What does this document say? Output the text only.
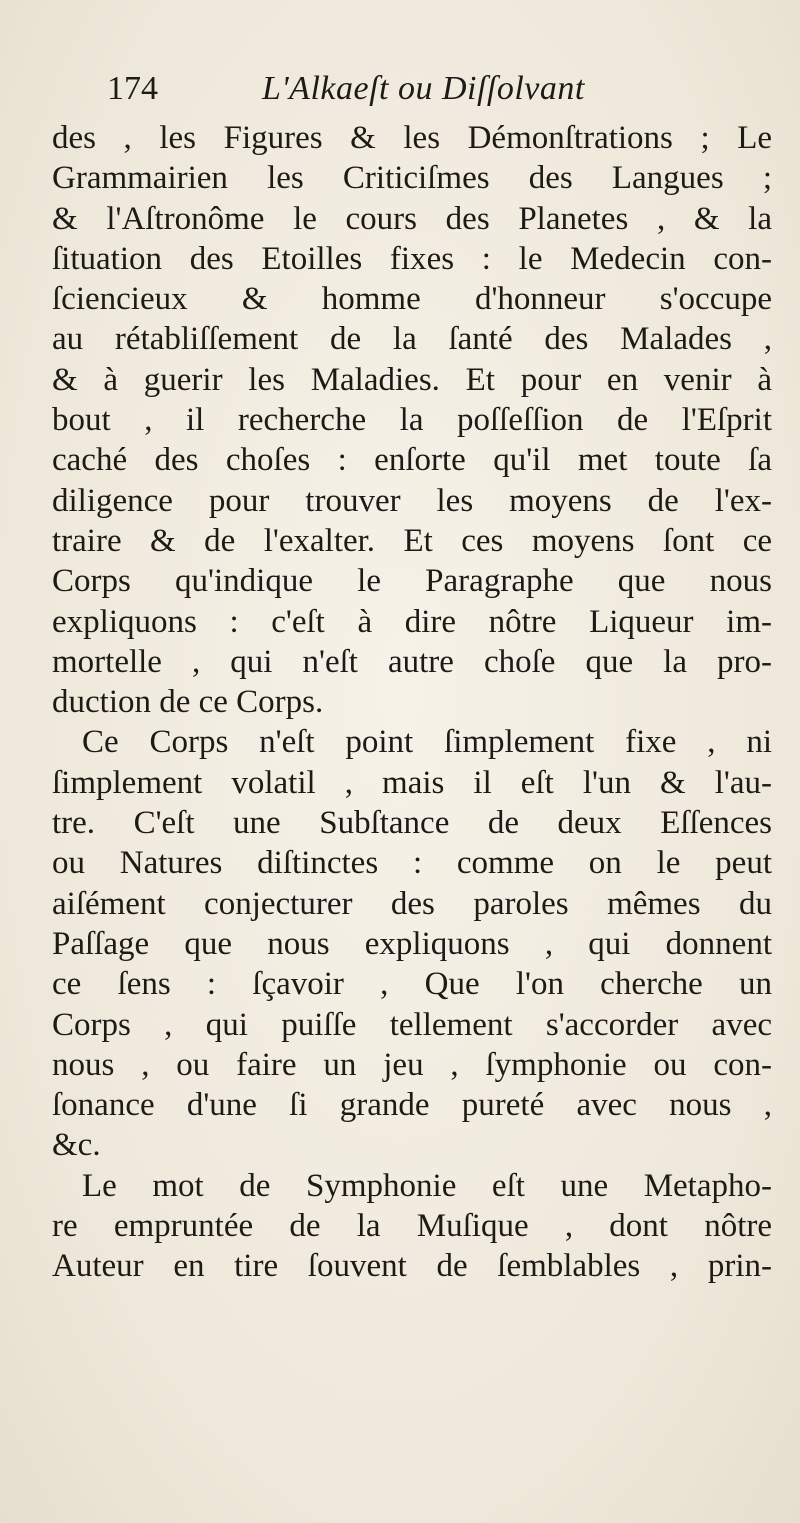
174	L'Alkaeſt ou Diſſolvant
des , les Figures & les Démonſtrations ; Le
Grammairien les Criticiſmes des Langues ;
& l'Aſtronôme le cours des Planetes , & la
ſituation des Etoilles fixes : le Medecin con-
ſciencieux & homme d'honneur s'occupe
au rétabliſſement de la ſanté des Malades ,
& à guerir les Maladies. Et pour en venir à
bout , il recherche la poſſeſſion de l'Eſprit
caché des choſes : enſorte qu'il met toute ſa
diligence pour trouver les moyens de l'ex-
traire & de l'exalter. Et ces moyens ſont ce
Corps qu'indique le Paragraphe que nous
expliquons : c'eſt à dire nôtre Liqueur im-
mortelle , qui n'eſt autre choſe que la pro-
duction de ce Corps.
Ce Corps n'eſt point ſimplement fixe , ni
ſimplement volatil , mais il eſt l'un & l'au-
tre. C'eſt une Subſtance de deux Eſſences
ou Natures diſtinctes : comme on le peut
aiſément conjecturer des paroles mêmes du
Paſſage que nous expliquons , qui donnent
ce ſens : ſçavoir , Que l'on cherche un
Corps , qui puiſſe tellement s'accorder avec
nous , ou faire un jeu , ſymphonie ou con-
ſonance d'une ſi grande pureté avec nous ,
&c.
Le mot de Symphonie eſt une Metapho-
re empruntée de la Muſique , dont nôtre
Auteur en tire ſouvent de ſemblables , prin-
